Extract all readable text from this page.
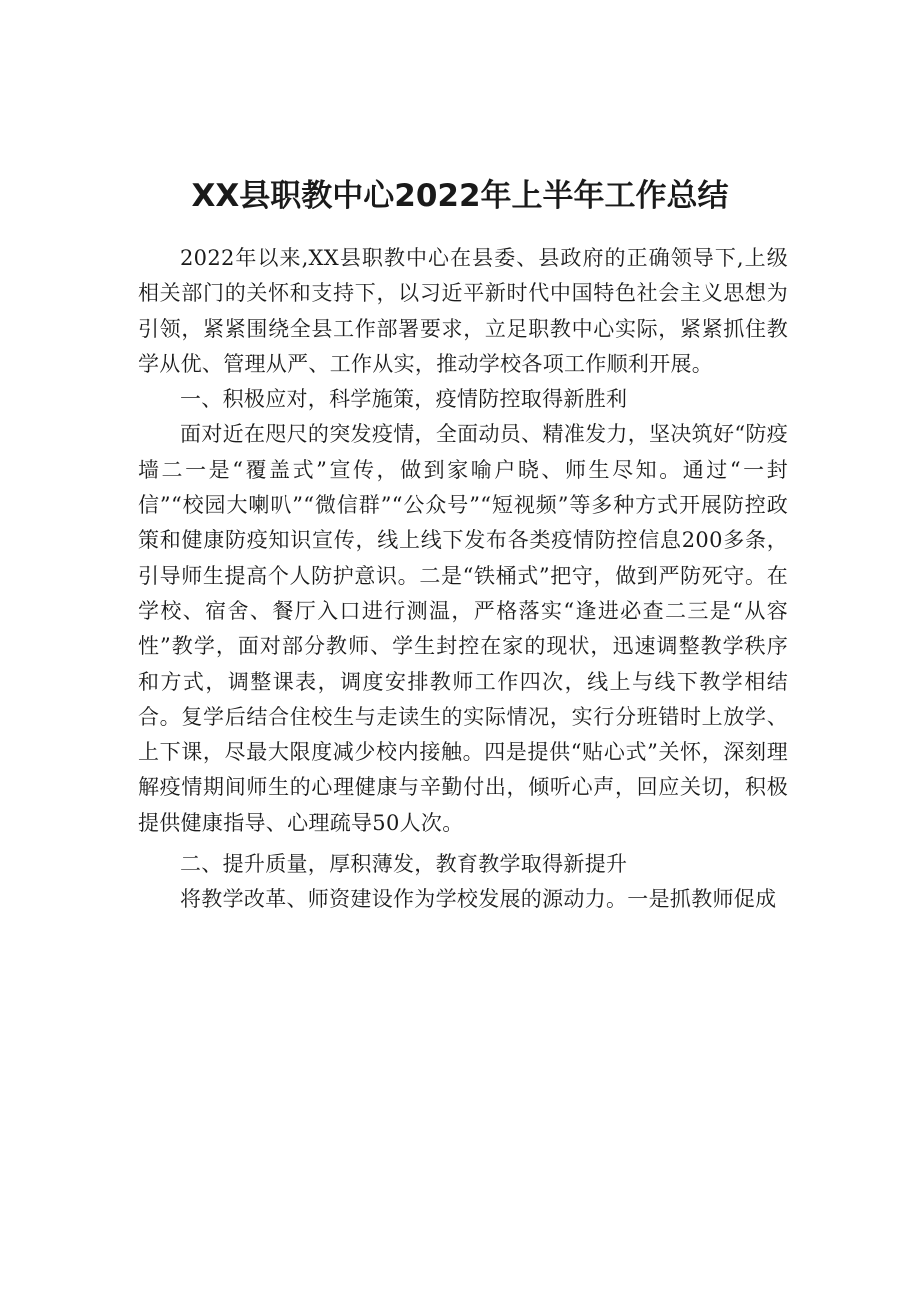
XX县职教中心2022年上半年工作总结

2022年以来,XX县职教中心在县委、县政府的正确领导下,上级相关部门的关怀和支持下，以习近平新时代中国特色社会主义思想为引领，紧紧围绕全县工作部署要求，立足职教中心实际，紧紧抓住教学从优、管理从严、工作从实，推动学校各项工作顺利开展。

一、积极应对，科学施策，疫情防控取得新胜利

面对近在咫尺的突发疫情，全面动员、精准发力，坚决筑好“防疫墙二一是“覆盖式”宣传，做到家喻户晓、师生尽知。通过“一封信”“校园大喇叭”“微信群”“公众号”“短视频”等多种方式开展防控政策和健康防疫知识宣传，线上线下发布各类疫情防控信息200多条，引导师生提高个人防护意识。二是“铁桶式”把守，做到严防死守。在学校、宿舍、餐厅入口进行测温，严格落实“逢进必查二三是“从容性”教学，面对部分教师、学生封控在家的现状，迅速调整教学秩序和方式，调整课表，调度安排教师工作四次，线上与线下教学相结合。复学后结合住校生与走读生的实际情况，实行分班错时上放学、上下课，尽最大限度减少校内接触。四是提供“贴心式”关怀，深刻理解疫情期间师生的心理健康与辛勤付出，倾听心声，回应关切，积极提供健康指导、心理疏导50人次。

二、提升质量，厚积薄发，教育教学取得新提升

将教学改革、师资建设作为学校发展的源动力。一是抓教师促成
